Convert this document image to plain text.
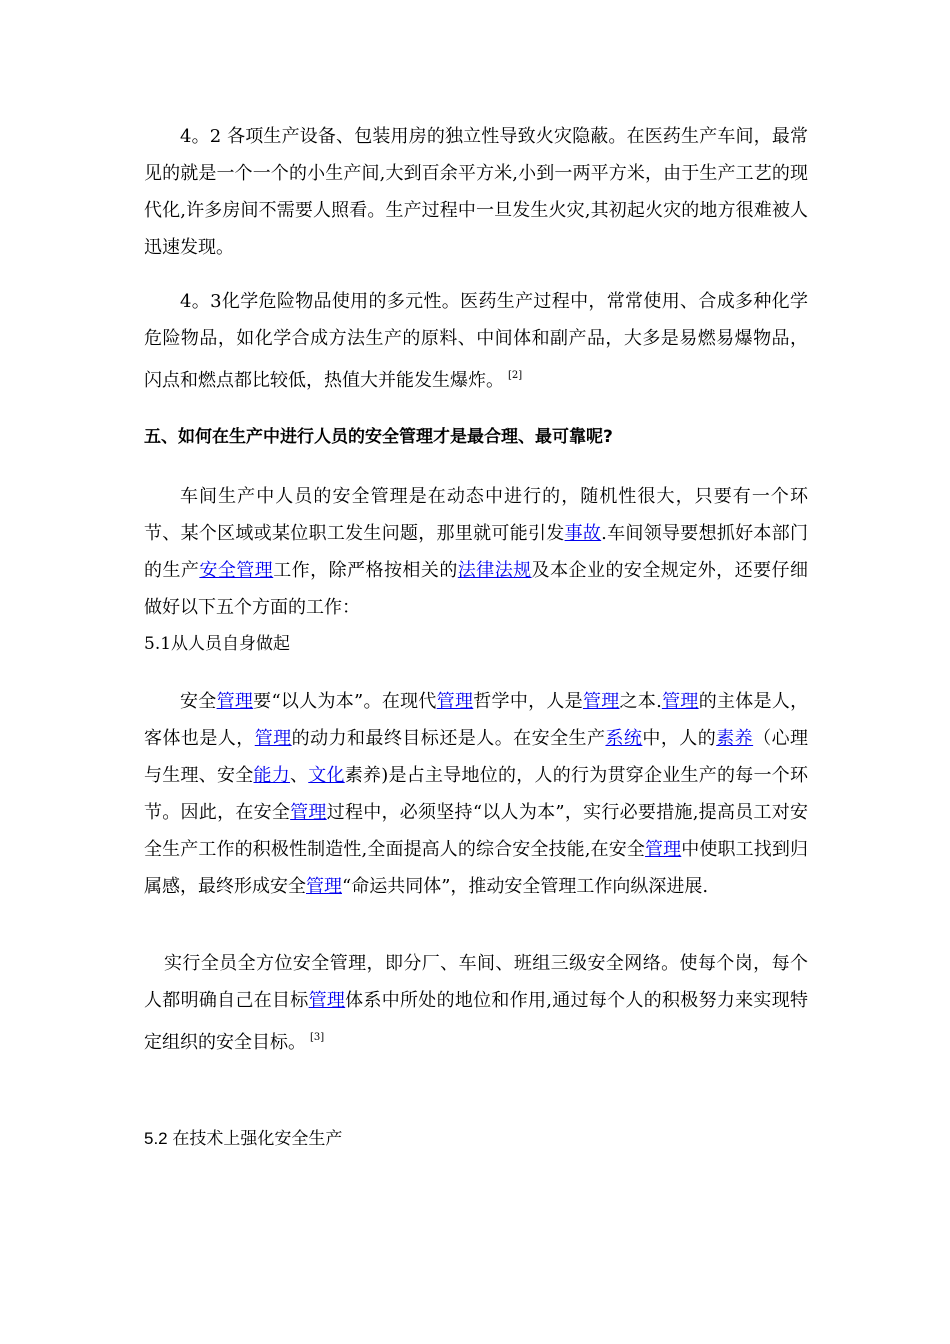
4。2 各项生产设备、包装用房的独立性导致火灾隐蔽。在医药生产车间，最常见的就是一个一个的小生产间,大到百余平方米,小到一两平方米，由于生产工艺的现代化,许多房间不需要人照看。生产过程中一旦发生火灾,其初起火灾的地方很难被人迅速发现。

4。3化学危险物品使用的多元性。医药生产过程中，常常使用、合成多种化学危险物品，如化学合成方法生产的原料、中间体和副产品，大多是易燃易爆物品，闪点和燃点都比较低，热值大并能发生爆炸。 [2]

五、如何在生产中进行人员的安全管理才是最合理、最可靠呢?

车间生产中人员的安全管理是在动态中进行的，随机性很大，只要有一个环节、某个区域或某位职工发生问题，那里就可能引发事故.车间领导要想抓好本部门的生产安全管理工作，除严格按相关的法律法规及本企业的安全规定外，还要仔细做好以下五个方面的工作：

5.1从人员自身做起

安全管理要“以人为本”。在现代管理哲学中，人是管理之本.管理的主体是人，客体也是人，管理的动力和最终目标还是人。在安全生产系统中，人的素养（心理与生理、安全能力、文化素养)是占主导地位的，人的行为贯穿企业生产的每一个环节。因此，在安全管理过程中，必须坚持“以人为本”，实行必要措施,提高员工对安全生产工作的积极性制造性,全面提高人的综合安全技能,在安全管理中使职工找到归属感，最终形成安全管理“命运共同体”，推动安全管理工作向纵深进展.

实行全员全方位安全管理，即分厂、车间、班组三级安全网络。使每个岗，每个人都明确自己在目标管理体系中所处的地位和作用,通过每个人的积极努力来实现特定组织的安全目标。 [3]

5.2 在技术上强化安全生产
